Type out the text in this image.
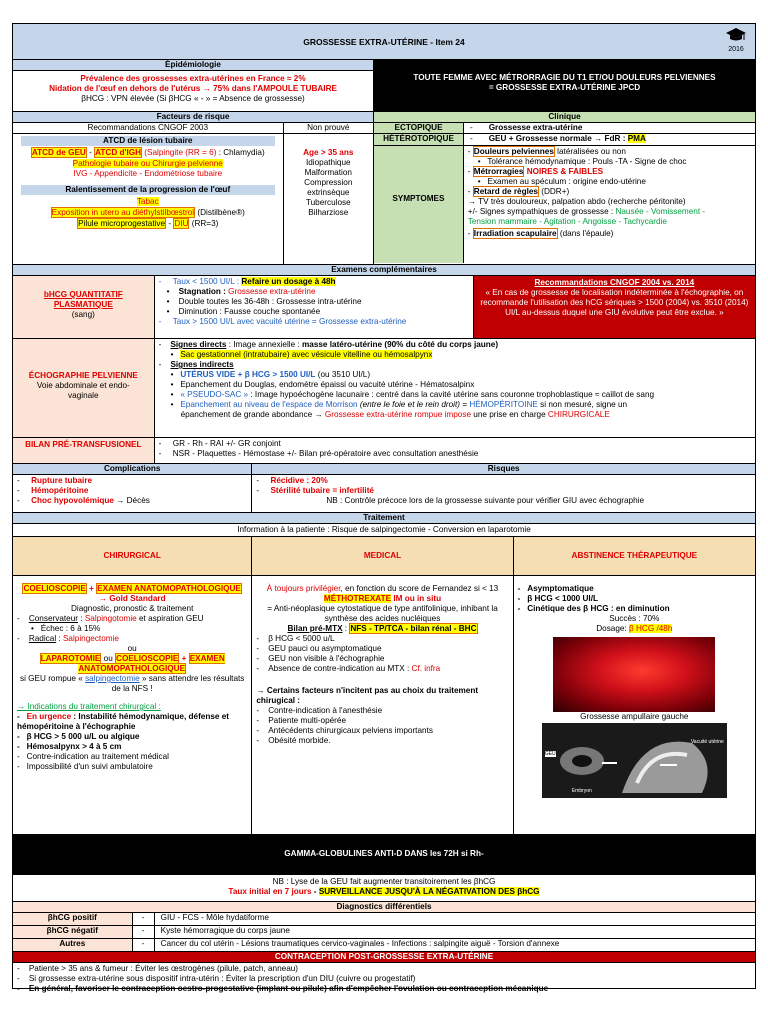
GROSSESSE EXTRA-UTÉRINE - Item 24
2016
Épidémiologie
Prévalence des grossesses extra-utérines en France ≈ 2%
Nidation de l'œuf en dehors de l'utérus → 75% dans l'AMPOULE TUBAIRE
βHCG : VPN élevée (Si βHCG « - » = Absence de grossesse)
TOUTE FEMME AVEC MÉTRORRAGIE DU T1 ET/OU DOULEURS PELVIENNES
= GROSSESSE EXTRA-UTÉRINE JPCD
Facteurs de risque
Recommandations CNGOF 2003
ATCD de lésion tubaire
ATCD de GEU - ATCD d'IGH (Salpingite (RR = 6) : Chlamydia)
Pathologie tubaire ou Chirurgie pelvienne
IVG - Appendicite - Endométriose tubaire
Ralentissement de la progression de l'œuf
Tabac
Exposition in utero au diéthylstilbœstrol (Distilbène®)
Pilule microprogestative - DIU (RR=3)
Non prouvé
Age > 35 ans
Idiopathique
Malformation
Compression
extrinsèque
Tuberculose
Bilharziose
Clinique
ECTOPIQUE	-       Grossesse extra-utérine
HÉTÉROTOPIQUE	-       GEU + Grossesse normale → FdR : PMA
SYMPTOMES
- Douleurs pelviennes latéralisées ou non
•   Tolérance hémodynamique : Pouls -TA - Signe de choc
- Métrorragies NOIRES & FAIBLES
•   Examen au spéculum : origine endo-utérine
- Retard de règles (DDR+)
→ TV très douloureux, palpation abdo (recherche péritonite)
+/- Signes sympathiques de grossesse : Nausée - Vomissement -
Tension mammaire - Agitation - Angoisse - Tachycardie
- Irradiation scapulaire (dans l'épaule)
Examens complémentaires
bHCG QUANTITATIF PLASMATIQUE
(sang)
-     Taux < 1500 UI/L : Refaire un dosage à 48h
•    Stagnation : Grossesse extra-utérine
•    Double toutes les 36-48h : Grossesse intra-utérine
•    Diminution : Fausse couche spontanée
-     Taux > 1500 UI/L avec vacuité utérine = Grossesse extra-utérine
Recommandations CNGOF 2004 vs. 2014
« En cas de grossesse de localisation indéterminée à l'échographie, on recommande l'utilisation des hCG sériques > 1500 (2004) vs. 3510 (2014) UI/L au-dessus duquel une GIU évolutive peut être exclue. »
ÉCHOGRAPHIE PELVIENNE
Voie abdominale et endo-vaginale
-    Signes directs : Image annexielle : masse latéro-utérine (90% du côté du corps jaune)
•   Sac gestationnel (intratubaire) avec vésicule vitelline ou hémosalpynx
-    Signes indirects
•   UTÉRUS VIDE + β HCG > 1500 UI/L (ou 3510 UI/L)
•   Epanchement du Douglas, endomètre épaissi ou vacuité utérine - Hématosalpinx
•   « PSEUDO-SAC » : Image hypoéchogène lacunaire : centré dans la cavité utérine sans couronne trophoblastique ≈ caillot de sang
•   Epanchement au niveau de l'espace de Morrison (entre le foie et le rein droit) = HÉMOPÉRITOINE si non mesuré, signe un
épanchement de grande abondance → Grossesse extra-utérine rompue impose une prise en charge CHIRURGICALE
BILAN PRÉ-TRANSFUSIONEL	-     GR - Rh - RAI +/- GR conjoint
-     NSR - Plaquettes - Hémostase +/- Bilan pré-opératoire avec consultation anesthésie
Complications
-     Rupture tubaire
-     Hémopéritoine
-     Choc hypovolémique → Décès
Risques
-     Récidive : 20%
-     Stérilité tubaire = infertilité
NB : Contrôle précoce lors de la grossesse suivante pour vérifier GIU avec échographie
Traitement
Information à la patiente : Risque de salpingectomie - Conversion en laparotomie
CHIRURGICAL	MEDICAL	ABSTINENCE THÉRAPEUTIQUE
COELIOSCOPIE + EXAMEN ANATOMOPATHOLOGIQUE
→ Gold Standard
Diagnostic, pronostic & traitement
-    Conservateur : Salpingotomie et aspiration GEU
•   Échec : 6 à 15%
-    Radical : Salpingectomie
ou
LAPAROTOMIE ou COELIOSCOPIE + EXAMEN ANATOMOPATHOLOGIQUE
si GEU rompue « salpingectomie » sans attendre les résultats de la NFS !
→ Indications du traitement chirurgical :
-   En urgence : Instabilité hémodynamique, défense et hémopéritoine à l'échographie
-   β HCG > 5 000 u/L ou algique
-   Hémosalpynx > 4 à 5 cm
-   Contre-indication au traitement médical
-   Impossibilité d'un suivi ambulatoire
À toujours privilégier, en fonction du score de Fernandez si < 13
MÉTHOTREXATE IM ou in situ
= Anti-néoplasique cytostatique de type antifolinique, inhibant la synthèse des acides nucléiques
Bilan pré-MTX : NFS - TP/TCA - bilan rénal - BHC
-    β HCG < 5000 u/L
-    GEU pauci ou asymptomatique
-    GEU non visible à l'échographie
-    Absence de contre-indication au MTX : Cf. infra
→ Certains facteurs n'incitent pas au choix du traitement chirugical :
-    Contre-indication à l'anesthésie
-    Patiente multi-opérée
-    Antécédents chirurgicaux pelviens importants
-    Obésité morbide.
-   Asymptomatique
-   β HCG < 1000 UI/L
-   Cinétique des β HCG : en diminution
Succès : 70%
Dosage: β HCG /48h
Grossesse ampullaire gauche
GEU
Vacuité utérine
Embryon
GAMMA-GLOBULINES ANTI-D DANS les 72H si Rh-
NB : Lyse de la GEU fait augmenter transitoirement les βhCG
Taux initial en 7 jours - SURVEILLANCE JUSQU'À LA NÉGATIVATION DES βhCG
Diagnostics différentiels
βhCG positif	-	GIU - FCS - Môle hydatiforme
βhCG négatif	-	Kyste hémorragique du corps jaune
Autres	-	Cancer du col utérin - Lésions traumatiques cervico-vaginales - Infections : salpingite aiguë - Torsion d'annexe
CONTRACEPTION POST-GROSSESSE EXTRA-UTÉRINE
-    Patiente > 35 ans & fumeur : Éviter les œstrogènes (pilule, patch, anneau)
-    Si grossesse extra-utérine sous dispositif intra-utérin : Éviter la prescription d'un DIU (cuivre ou progestatif)
-    En général, favoriser le contraception oestro-progestative (implant ou pilule) afin d'empêcher l'ovulation ou contraception mécanique
